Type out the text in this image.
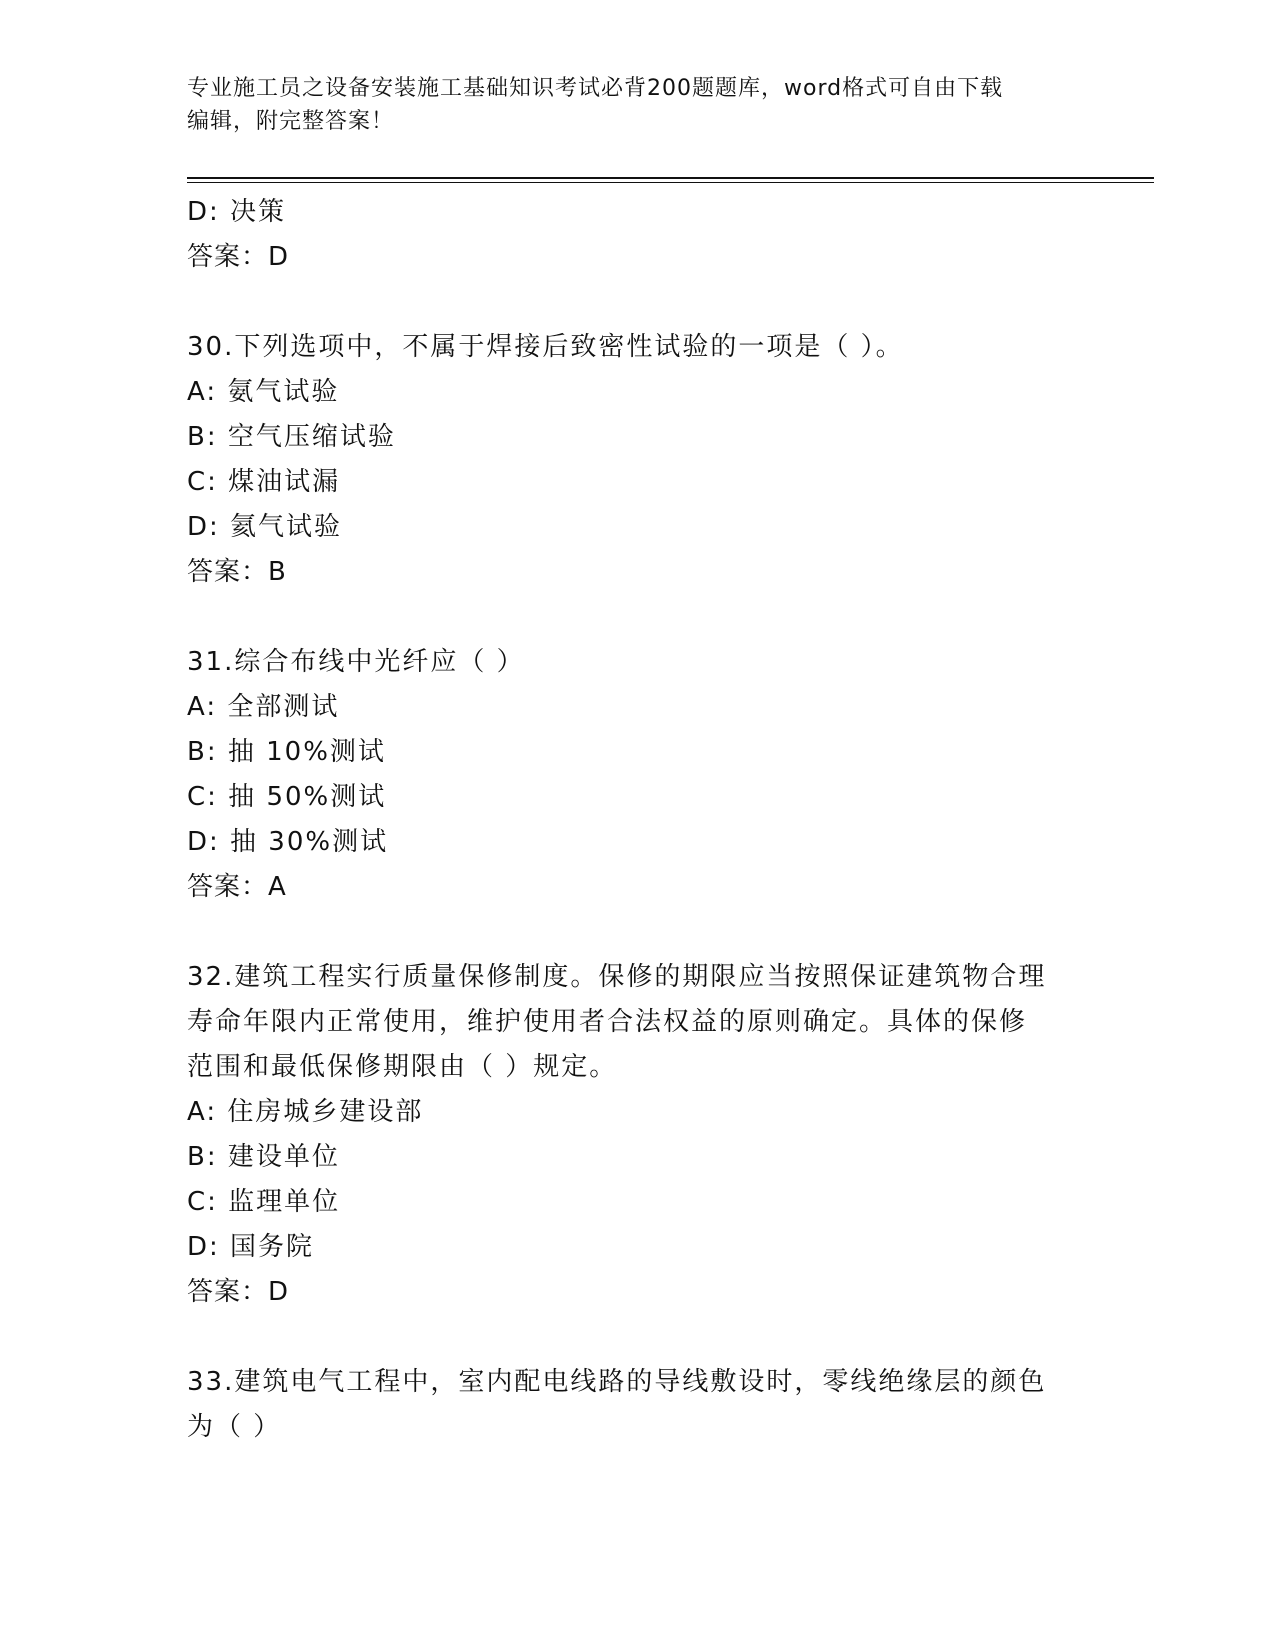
专业施工员之设备安装施工基础知识考试必背200题题库，word格式可自由下载
编辑，附完整答案！
D: 决策
答案：D
30.下列选项中，不属于焊接后致密性试验的一项是（ ）。
A: 氨气试验
B: 空气压缩试验
C: 煤油试漏
D: 氦气试验
答案：B
31.综合布线中光纤应（ ）
A: 全部测试
B: 抽 10%测试
C: 抽 50%测试
D: 抽 30%测试
答案：A
32.建筑工程实行质量保修制度。保修的期限应当按照保证建筑物合理
寿命年限内正常使用，维护使用者合法权益的原则确定。具体的保修
范围和最低保修期限由（ ）规定。
A: 住房城乡建设部
B: 建设单位
C: 监理单位
D: 国务院
答案：D
33.建筑电气工程中，室内配电线路的导线敷设时，零线绝缘层的颜色
为（ ）
